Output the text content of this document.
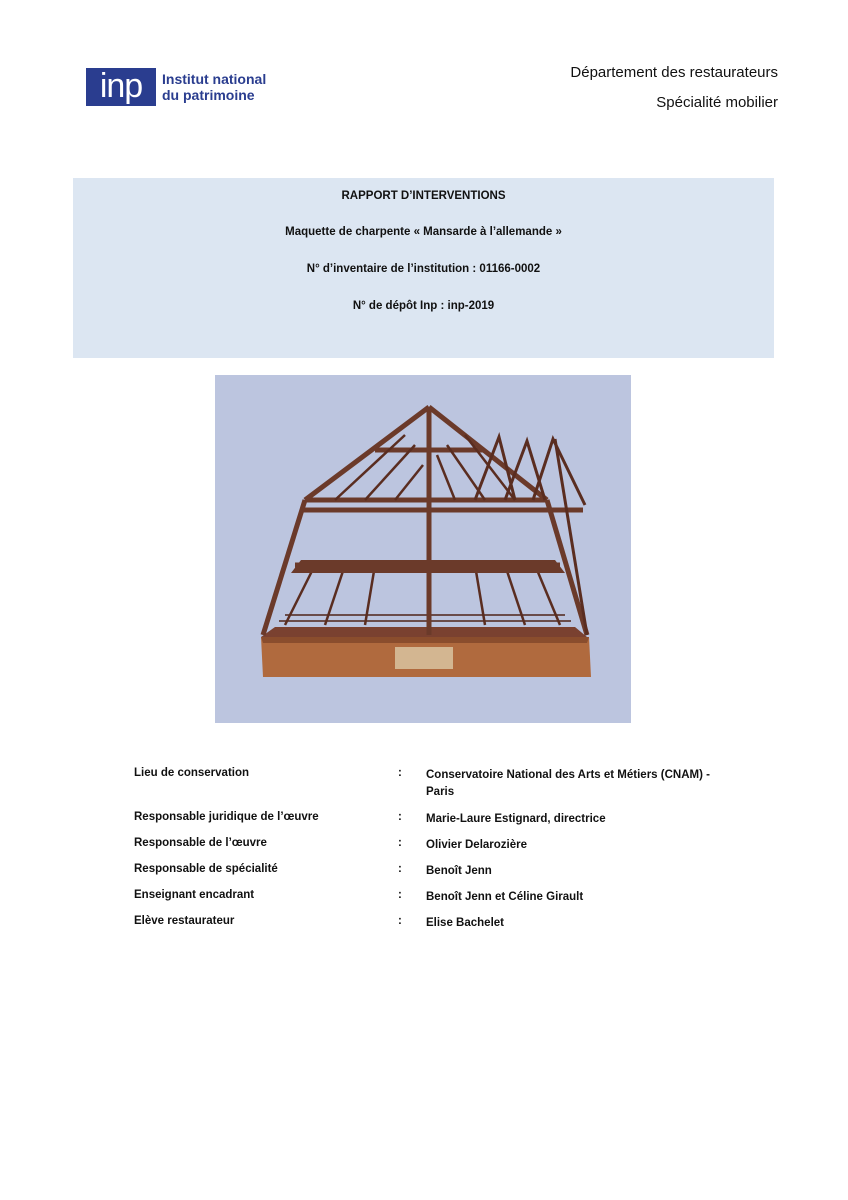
inp	Institut national
du patrimoine
Département des restaurateurs
Spécialité mobilier
RAPPORT D’INTERVENTIONS
Maquette de charpente « Mansarde à l’allemande »
N° d’inventaire de l’institution : 01166-0002
N° de dépôt Inp : inp-2019
Lieu de conservation	: Conservatoire National des Arts et Métiers (CNAM) - Paris
Responsable juridique de l’œuvre	: Marie-Laure Estignard, directrice
Responsable de l’œuvre	: Olivier Delarozière
Responsable de spécialité	: Benoît Jenn
Enseignant encadrant	: Benoît Jenn et Céline Girault
Elève restaurateur	: Elise Bachelet
